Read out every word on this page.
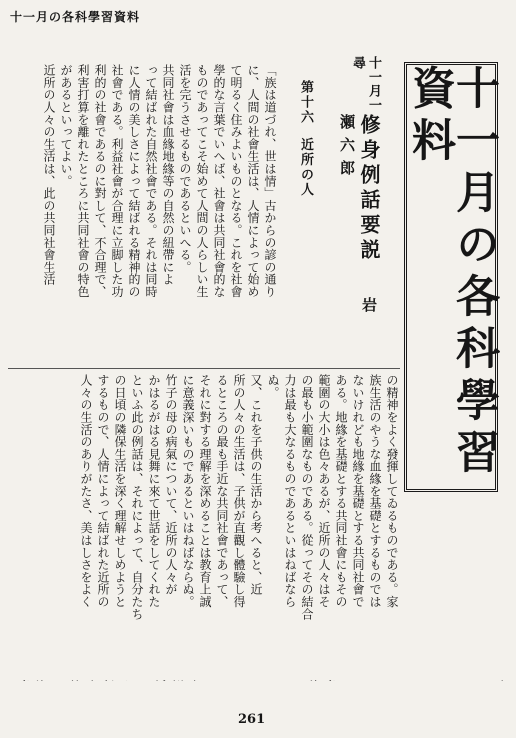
十一月の各科學習資料
十一月の各科學習資料
十一月一 尋
修身例話要説 岩瀬六郎
第十六 近所の人

「族は道づれ、世は情」古からの諺の通り

に、人間の社會生活は、人情によって始め

て明るく住みよいものとなる。これを社會

學的な言葉でいへば、社會は共同社會的な

ものであってこそ始めて人間の人らしい生

活を完うさせるものであるといへる。

共同社會は血緣地緣等の自然の紐帶によ

って結ばれた自然社會である。それは同時

に人情の美しさによって結ばれる精神的の

社會である。利益社會が合理に立脚した功

利的の社會であるのに對して、不合理で、

利害打算を離れたところに共同社會の特色

があるといってよい。

近所の人々の生活は、此の共同社會生活

の精神をよく發揮してゐるものである。家

族生活のやうな血緣を基礎とするものでは

ないけれども地緣を基礎とする共同社會で

ある。地緣を基礎とする共同社會にもその

範圍の大小は色々あるが、近所の人々はそ

の最も小範圍なものである。從ってその結合

力は最も大なるものであるといはねばなら

ぬ。

又、これを子供の生活から考へると、近

所の人々の生活は、子供が直觀し體驗し得

るところの最も手近な共同社會であって、

それに對する理解を深めることは教育上誠

に意義深いものであるといはねばならぬ。

竹子の母の病氣について、近所の人々が

かはるがはる見舞に來て世話をしてくれた

といふ此の例話は、それによって、自分たち

の日頃の隣保生活を深く理解せしめようと

するもので、人情によって結ばれた近所の

人々の生活のありがたさ、美はしさをよく

261
